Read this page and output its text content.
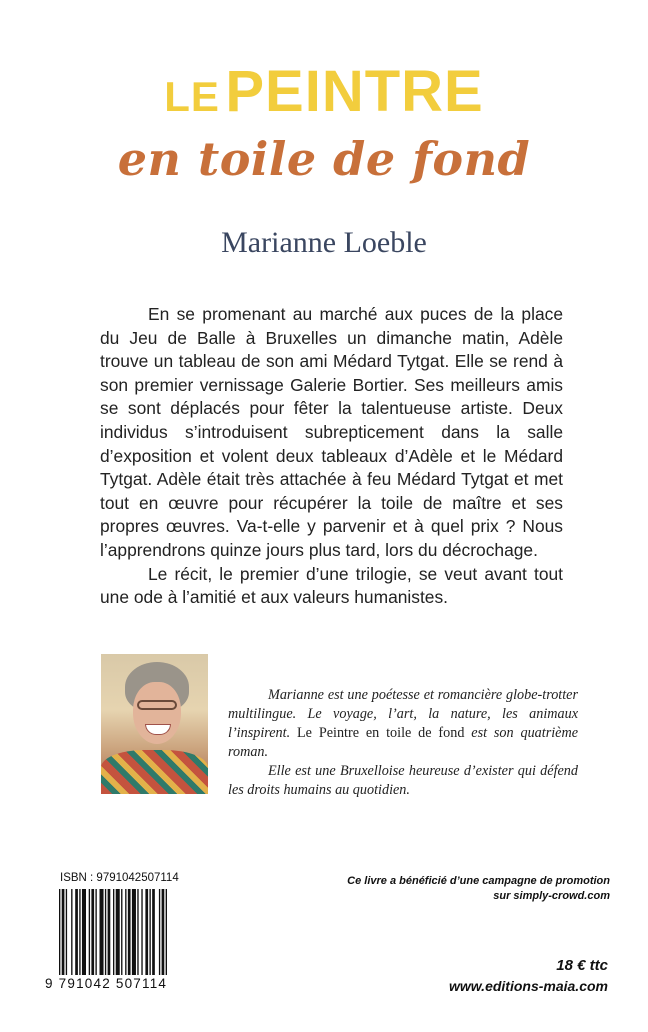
LE PEINTRE
en toile de fond
Marianne Loeble

En se promenant au marché aux puces de la place du Jeu de Balle à Bruxelles un dimanche matin, Adèle trouve un tableau de son ami Médard Tytgat. Elle se rend à son premier vernissage Galerie Bortier. Ses meilleurs amis se sont déplacés pour fêter la talentueuse artiste. Deux individus s’introduisent subrepticement dans la salle d’exposition et volent deux tableaux d’Adèle et le Médard Tytgat. Adèle était très attachée à feu Médard Tytgat et met tout en œuvre pour récupérer la toile de maître et ses propres œuvres. Va-t-elle y parvenir et à quel prix ? Nous l’apprendrons quinze jours plus tard, lors du décrochage.

Le récit, le premier d’une trilogie, se veut avant tout une ode à l’amitié et aux valeurs humanistes.

Marianne est une poétesse et romancière globe-trotter multilingue. Le voyage, l’art, la nature, les animaux l’inspirent. Le Peintre en toile de fond est son quatrième roman.

Elle est une Bruxelloise heureuse d’exister qui défend les droits humains au quotidien.

ISBN : 9791042507114
9 791042 507114
Ce livre a bénéficié d’une campagne de promotion
sur simply-crowd.com
18 € ttc
www.editions-maia.com
